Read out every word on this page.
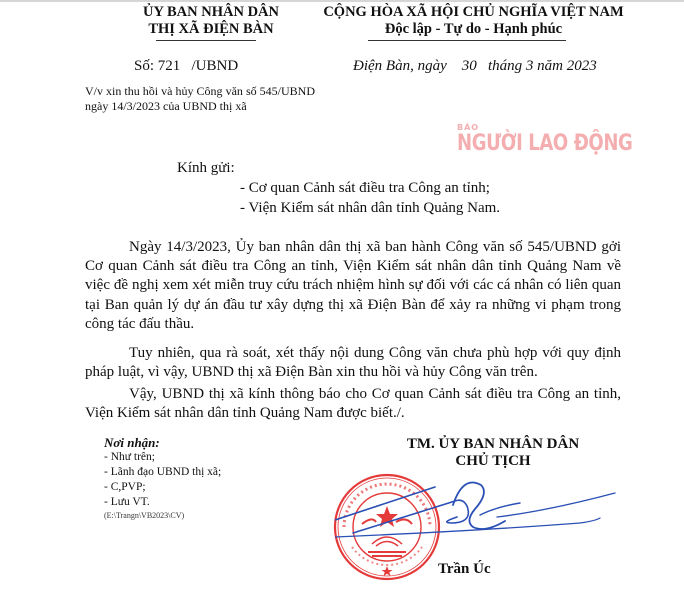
ỦY BAN NHÂN DÂN
THỊ XÃ ĐIỆN BÀN
CỘNG HÒA XÃ HỘI CHỦ NGHĨA VIỆT NAM
Độc lập - Tự do - Hạnh phúc
Số: 721   /UBND	Điện Bàn, ngày    30   tháng 3 năm 2023
V/v xin thu hồi và hủy Công văn số 545/UBND ngày 14/3/2023 của UBND thị xã
BÁO
NGƯỜI LAO ĐỘNG
Kính gửi:
- Cơ quan Cảnh sát điều tra Công an tỉnh;
- Viện Kiểm sát nhân dân tỉnh Quảng Nam.
Ngày 14/3/2023, Ủy ban nhân dân thị xã ban hành Công văn số 545/UBND gởi Cơ quan Cảnh sát điều tra Công an tỉnh, Viện Kiểm sát nhân dân tỉnh Quảng Nam về việc đề nghị xem xét miễn truy cứu trách nhiệm hình sự đối với các cá nhân có liên quan tại Ban quản lý dự án đầu tư xây dựng thị xã Điện Bàn để xảy ra những vi phạm trong công tác đấu thầu.
Tuy nhiên, qua rà soát, xét thấy nội dung Công văn chưa phù hợp với quy định pháp luật, vì vậy, UBND thị xã Điện Bàn xin thu hồi và hủy Công văn trên.
Vậy, UBND thị xã kính thông báo cho Cơ quan Cảnh sát điều tra Công an tỉnh, Viện Kiểm sát nhân dân tỉnh Quảng Nam được biết./.
Nơi nhận:
- Như trên;
- Lãnh đạo UBND thị xã;
- C,PVP;
- Lưu VT.
(E:\Trangn\VB2023\CV)
TM. ỦY BAN NHÂN DÂN
CHỦ TỊCH
Trần Úc
